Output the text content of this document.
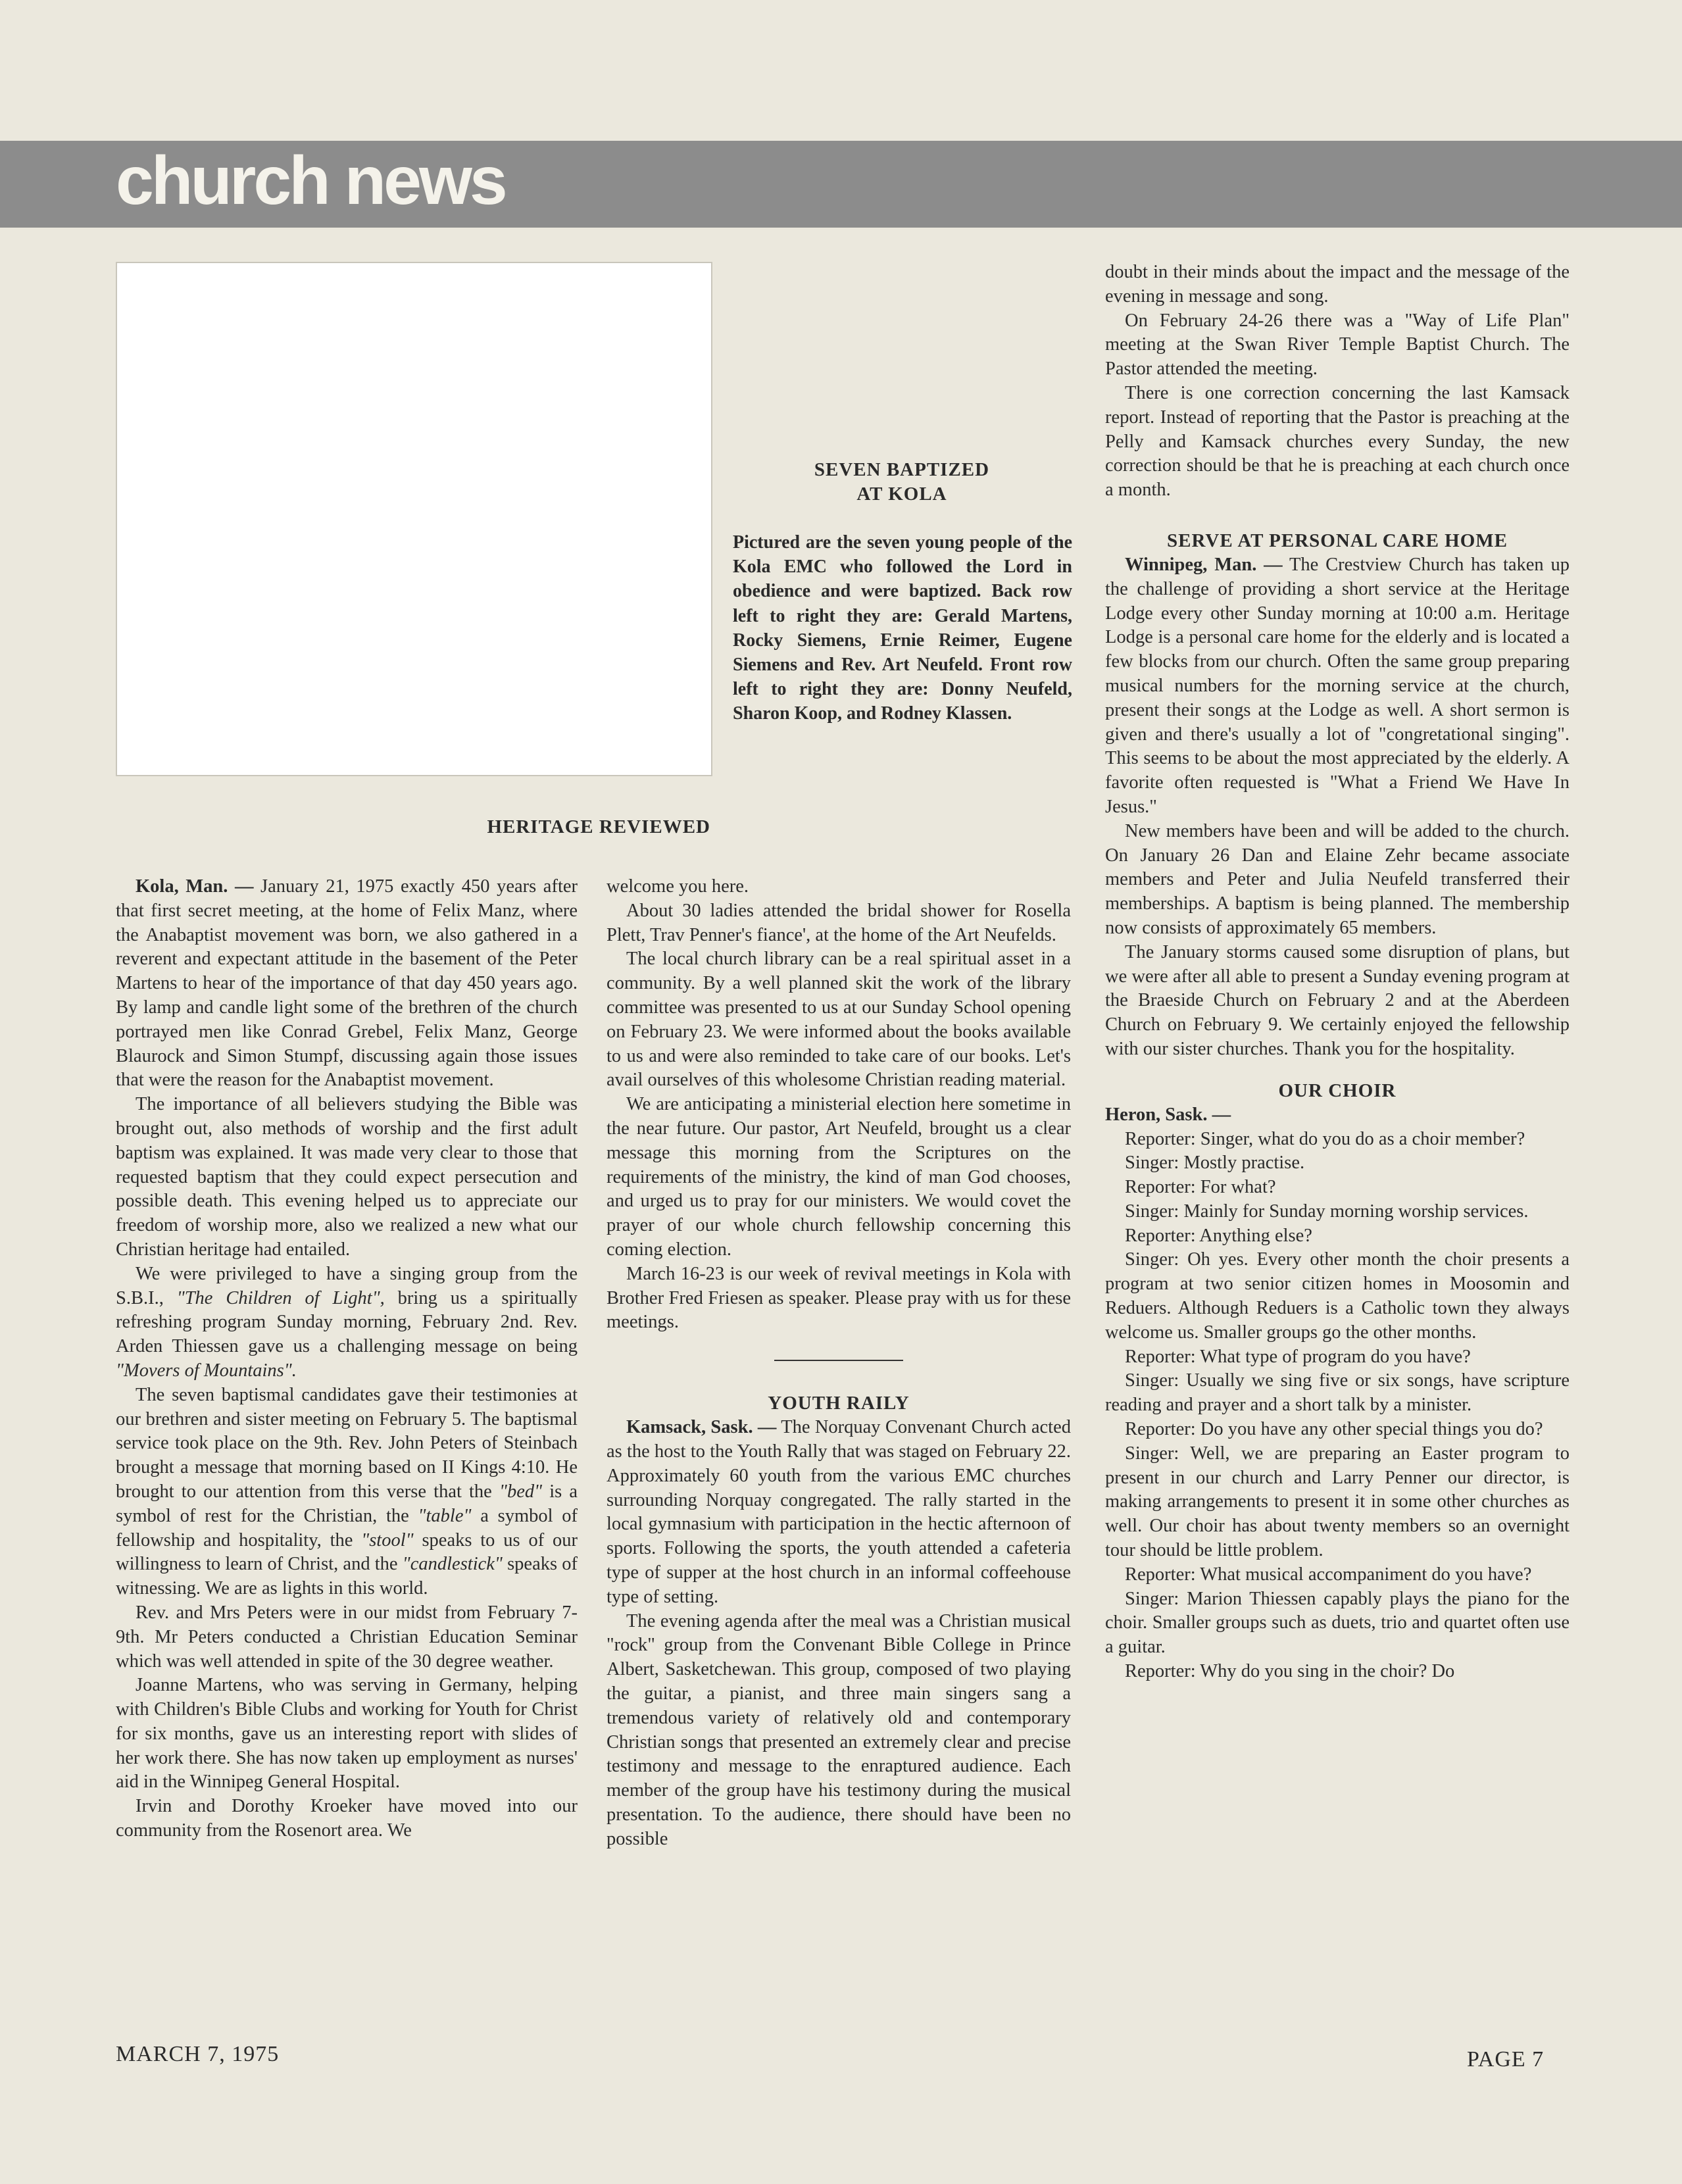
church news
SEVEN BAPTIZED
AT KOLA
Pictured are the seven young people of the Kola EMC who followed the Lord in obedience and were baptized. Back row left to right they are: Gerald Martens, Rocky Siemens, Ernie Reimer, Eugene Siemens and Rev. Art Neufeld. Front row left to right they are: Donny Neufeld, Sharon Koop, and Rodney Klassen.
HERITAGE REVIEWED

Kola, Man. — January 21, 1975 exactly 450 years after that first secret meeting, at the home of Felix Manz, where the Anabaptist movement was born, we also gathered in a reverent and expectant attitude in the basement of the Peter Martens to hear of the importance of that day 450 years ago. By lamp and candle light some of the brethren of the church portrayed men like Conrad Grebel, Felix Manz, George Blaurock and Simon Stumpf, discussing again those issues that were the reason for the Anabaptist movement.

The importance of all believers studying the Bible was brought out, also methods of worship and the first adult baptism was explained. It was made very clear to those that requested baptism that they could expect persecution and possible death. This evening helped us to appreciate our freedom of worship more, also we realized a new what our Christian heritage had entailed.

We were privileged to have a singing group from the S.B.I., "The Children of Light", bring us a spiritually refreshing program Sunday morning, February 2nd. Rev. Arden Thiessen gave us a challenging message on being "Movers of Mountains".

The seven baptismal candidates gave their testimonies at our brethren and sister meeting on February 5. The baptismal service took place on the 9th. Rev. John Peters of Steinbach brought a message that morning based on II Kings 4:10. He brought to our attention from this verse that the "bed" is a symbol of rest for the Christian, the "table" a symbol of fellowship and hospitality, the "stool" speaks to us of our willingness to learn of Christ, and the "candlestick" speaks of witnessing. We are as lights in this world.

Rev. and Mrs Peters were in our midst from February 7-9th. Mr Peters conducted a Christian Education Seminar which was well attended in spite of the 30 degree weather.

Joanne Martens, who was serving in Germany, helping with Children's Bible Clubs and working for Youth for Christ for six months, gave us an interesting report with slides of her work there. She has now taken up employment as nurses' aid in the Winnipeg General Hospital.

Irvin and Dorothy Kroeker have moved into our community from the Rosenort area. We

welcome you here.

About 30 ladies attended the bridal shower for Rosella Plett, Trav Penner's fiance', at the home of the Art Neufelds.

The local church library can be a real spiritual asset in a community. By a well planned skit the work of the library committee was presented to us at our Sunday School opening on February 23. We were informed about the books available to us and were also reminded to take care of our books. Let's avail ourselves of this wholesome Christian reading material.

We are anticipating a ministerial election here sometime in the near future. Our pastor, Art Neufeld, brought us a clear message this morning from the Scriptures on the requirements of the ministry, the kind of man God chooses, and urged us to pray for our ministers. We would covet the prayer of our whole church fellowship concerning this coming election.

March 16-23 is our week of revival meetings in Kola with Brother Fred Friesen as speaker. Please pray with us for these meetings.

YOUTH RAILY

Kamsack, Sask. — The Norquay Convenant Church acted as the host to the Youth Rally that was staged on February 22. Approximately 60 youth from the various EMC churches surrounding Norquay congregated. The rally started in the local gymnasium with participation in the hectic afternoon of sports. Following the sports, the youth attended a cafeteria type of supper at the host church in an informal coffeehouse type of setting.

The evening agenda after the meal was a Christian musical "rock" group from the Convenant Bible College in Prince Albert, Sasketchewan. This group, composed of two playing the guitar, a pianist, and three main singers sang a tremendous variety of relatively old and contemporary Christian songs that presented an extremely clear and precise testimony and message to the enraptured audience. Each member of the group have his testimony during the musical presentation. To the audience, there should have been no possible

doubt in their minds about the impact and the message of the evening in message and song.

On February 24-26 there was a "Way of Life Plan" meeting at the Swan River Temple Baptist Church. The Pastor attended the meeting.

There is one correction concerning the last Kamsack report. Instead of reporting that the Pastor is preaching at the Pelly and Kamsack churches every Sunday, the new correction should be that he is preaching at each church once a month.

SERVE AT PERSONAL CARE HOME

Winnipeg, Man. — The Crestview Church has taken up the challenge of providing a short service at the Heritage Lodge every other Sunday morning at 10:00 a.m. Heritage Lodge is a personal care home for the elderly and is located a few blocks from our church. Often the same group preparing musical numbers for the morning service at the church, present their songs at the Lodge as well. A short sermon is given and there's usually a lot of "congretational singing". This seems to be about the most appreciated by the elderly. A favorite often requested is "What a Friend We Have In Jesus."

New members have been and will be added to the church. On January 26 Dan and Elaine Zehr became associate members and Peter and Julia Neufeld transferred their memberships. A baptism is being planned. The membership now consists of approximately 65 members.

The January storms caused some disruption of plans, but we were after all able to present a Sunday evening program at the Braeside Church on February 2 and at the Aberdeen Church on February 9. We certainly enjoyed the fellowship with our sister churches. Thank you for the hospitality.

OUR CHOIR

Heron, Sask. —

Reporter: Singer, what do you do as a choir member?

Singer: Mostly practise.

Reporter: For what?

Singer: Mainly for Sunday morning worship services.

Reporter: Anything else?

Singer: Oh yes. Every other month the choir presents a program at two senior citizen homes in Moosomin and Reduers. Although Reduers is a Catholic town they always welcome us. Smaller groups go the other months.

Reporter: What type of program do you have?

Singer: Usually we sing five or six songs, have scripture reading and prayer and a short talk by a minister.

Reporter: Do you have any other special things you do?

Singer: Well, we are preparing an Easter program to present in our church and Larry Penner our director, is making arrangements to present it in some other churches as well. Our choir has about twenty members so an overnight tour should be little problem.

Reporter: What musical accompaniment do you have?

Singer: Marion Thiessen capably plays the piano for the choir. Smaller groups such as duets, trio and quartet often use a guitar.

Reporter: Why do you sing in the choir? Do

MARCH 7, 1975	PAGE 7
